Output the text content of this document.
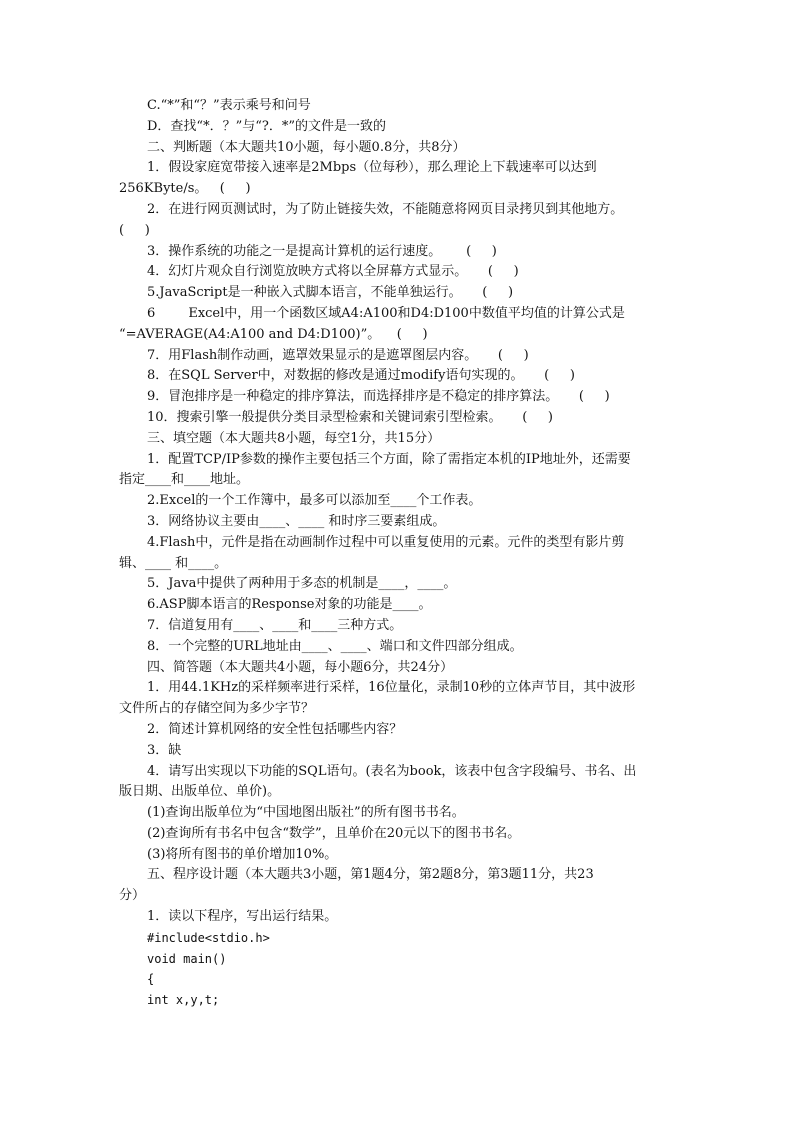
C.“*”和“？”表示乘号和问号
D．查找“*．？”与“?．*”的文件是一致的
二、判断题（本大题共10小题，每小题0.8分，共8分）
1．假设家庭宽带接入速率是2Mbps（位每秒），那么理论上下载速率可以达到
256KByte/s。   (     )
2．在进行网页测试时，为了防止链接失效，不能随意将网页目录拷贝到其他地方。
(     )
3．操作系统的功能之一是提高计算机的运行速度。      (     )
4．幻灯片观众自行浏览放映方式将以全屏幕方式显示。     (     )
5.JavaScript是一种嵌入式脚本语言，不能单独运行。     (     )
6        Excel中，用一个函数区域A4:A100和D4:D100中数值平均值的计算公式是
“=AVERAGE(A4:A100 and D4:D100)”。    (     )
7．用Flash制作动画，遮罩效果显示的是遮罩图层内容。     (     )
8．在SQL Server中，对数据的修改是通过modify语句实现的。     (     )
9．冒泡排序是一种稳定的排序算法，而选择排序是不稳定的排序算法。     (     )
10．搜索引擎一般提供分类目录型检索和关键词索引型检索。     (     )
三、填空题（本大题共8小题，每空1分，共15分）
1．配置TCP/IP参数的操作主要包括三个方面，除了需指定本机的IP地址外，还需要
指定____和____地址。
2.Excel的一个工作簿中，最多可以添加至____个工作表。
3．网络协议主要由____、____ 和时序三要素组成。
4.Flash中，元件是指在动画制作过程中可以重复使用的元素。元件的类型有影片剪
辑、____ 和____。
5．Java中提供了两种用于多态的机制是____，____。
6.ASP脚本语言的Response对象的功能是____。
7．信道复用有____、____和____三种方式。
8．一个完整的URL地址由____、____、端口和文件四部分组成。
四、简答题（本大题共4小题，每小题6分，共24分）
1．用44.1KHz的采样频率进行采样，16位量化，录制10秒的立体声节目，其中波形
文件所占的存储空间为多少字节？
2．简述计算机网络的安全性包括哪些内容？
3．缺
4．请写出实现以下功能的SQL语句。(表名为book，该表中包含字段编号、书名、出
版日期、出版单位、单价)。
(1)查询出版单位为“中国地图出版社”的所有图书书名。
(2)查询所有书名中包含“数学”，且单价在20元以下的图书书名。
(3)将所有图书的单价增加10%。
五、程序设计题（本大题共3小题，第1题4分，第2题8分，第3题11分，共23
分）
1．读以下程序，写出运行结果。
#include<stdio.h>
void main()
{
int x,y,t;
